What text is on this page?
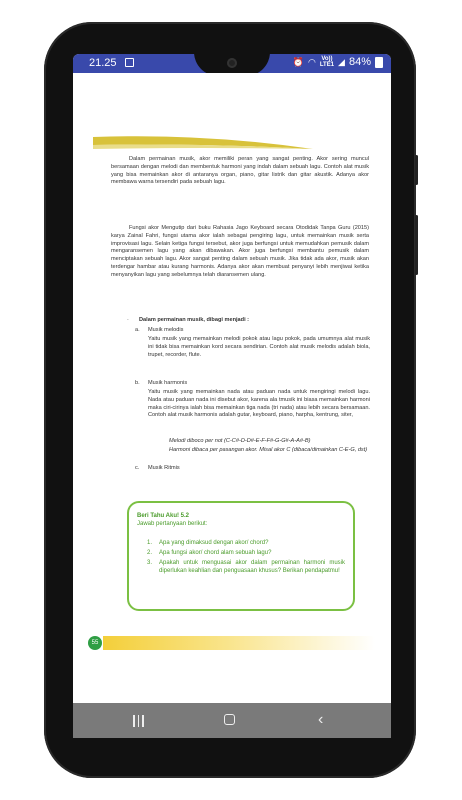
21.25	⏰ ◠ Vo))
LTE1 ◢ 84%

Dalam permainan musik, akor memiliki peran yang sangat penting. Akor sering muncul bersamaan dengan melodi dan membentuk harmoni yang indah dalam sebuah lagu. Contoh alat musik yang bisa memainkan akor di antaranya organ, piano, gitar listrik dan gitar akustik. Adanya akor membawa warna tersendiri pada sebuah lagu.

Fungsi akor Mengutip dari buku Rahasia Jago Keyboard secara Otodidak Tanpa Guru (2015) karya Zainal Fahri, fungsi utama akor ialah sebagai pengiring lagu, untuk memainkan musik serta improvisasi lagu. Selain ketiga fungsi tersebut, akor juga berfungsi untuk memudahkan pemusik dalam mengaransemen lagu yang akan dibawakan. Akor juga berfungsi membantu pemusik dalam menciptakan sebuah lagu. Akor sangat penting dalam sebuah musik. Jika tidak ada akor, musik akan terdengar hambar atau kurang harmonis. Adanya akor akan membuat penyanyi lebih menjiwai ketika menyanyikan lagu yang sebelumnya telah diaransemen ulang.

· Dalam permainan musik, dibagi menjadi :
a. Musik melodis

Yaitu musik yang memainkan melodi pokok atau lagu pokok, pada umumnya alat musik ini tidak bisa memainkan kord secara sendirian. Contoh alat musik melodis adalah biola, trupet, recorder, flute.

b. Musik harmonis

Yaitu musik yang memainkan nada atau paduan nada untuk mengiringi melodi lagu. Nada atau paduan nada ini disebut akor, karena ala tmusik ini biasa memainkan harmoni maka ciri-cirinya ialah bisa memainkan tiga nada (tri nada) atau lebih secara bersamaan. Contoh alat musik harmonis adalah gutar, keyboard, piano, harpha, kentrung, siter,

Melodi diboco per not (C-C#-D-D#-E-F-F#-G-G#-A-A#-B)

Harmoni dibaca per pasangan akor. Misal akor C (dibaca/dimainkan C-E-G, dst)

c. Musik Ritmis
Beri Tahu Aku! 5.2
Jawab pertanyaan berikut:
1. Apa yang dimaksud dengan akor/ chord?

2. Apa fungsi akor/ chord alam sebuah lagu?

3. Apakah untuk menguasai akor dalam permainan harmoni musik diperlukan keahlian dan penguasaan khusus? Berikan pendapatmu!

55
‹
